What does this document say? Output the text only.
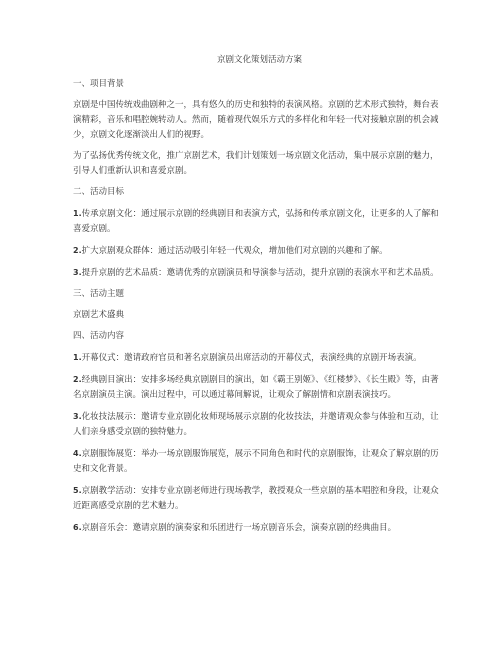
京剧文化策划活动方案
一、项目背景

京剧是中国传统戏曲剧种之一，具有悠久的历史和独特的表演风格。京剧的艺术形式独特，舞台表演精彩，音乐和唱腔婉转动人。然而，随着现代娱乐方式的多样化和年轻一代对接触京剧的机会减少，京剧文化逐渐淡出人们的视野。

为了弘扬优秀传统文化，推广京剧艺术，我们计划策划一场京剧文化活动，集中展示京剧的魅力，引导人们重新认识和喜爱京剧。

二、活动目标

1.传承京剧文化：通过展示京剧的经典剧目和表演方式，弘扬和传承京剧文化，让更多的人了解和喜爱京剧。

2.扩大京剧观众群体：通过活动吸引年轻一代观众，增加他们对京剧的兴趣和了解。

3.提升京剧的艺术品质：邀请优秀的京剧演员和导演参与活动，提升京剧的表演水平和艺术品质。

三、活动主题

京剧艺术盛典

四、活动内容

1.开幕仪式：邀请政府官员和著名京剧演员出席活动的开幕仪式，表演经典的京剧开场表演。

2.经典剧目演出：安排多场经典京剧剧目的演出，如《霸王别姬》、《红楼梦》、《长生殿》等，由著名京剧演员主演。演出过程中，可以通过幕间解说，让观众了解剧情和京剧表演技巧。

3.化妆技法展示：邀请专业京剧化妆师现场展示京剧的化妆技法，并邀请观众参与体验和互动，让人们亲身感受京剧的独特魅力。

4.京剧服饰展览：举办一场京剧服饰展览，展示不同角色和时代的京剧服饰，让观众了解京剧的历史和文化背景。

5.京剧教学活动：安排专业京剧老师进行现场教学，教授观众一些京剧的基本唱腔和身段，让观众近距离感受京剧的艺术魅力。

6.京剧音乐会：邀请京剧的演奏家和乐团进行一场京剧音乐会，演奏京剧的经典曲目。
